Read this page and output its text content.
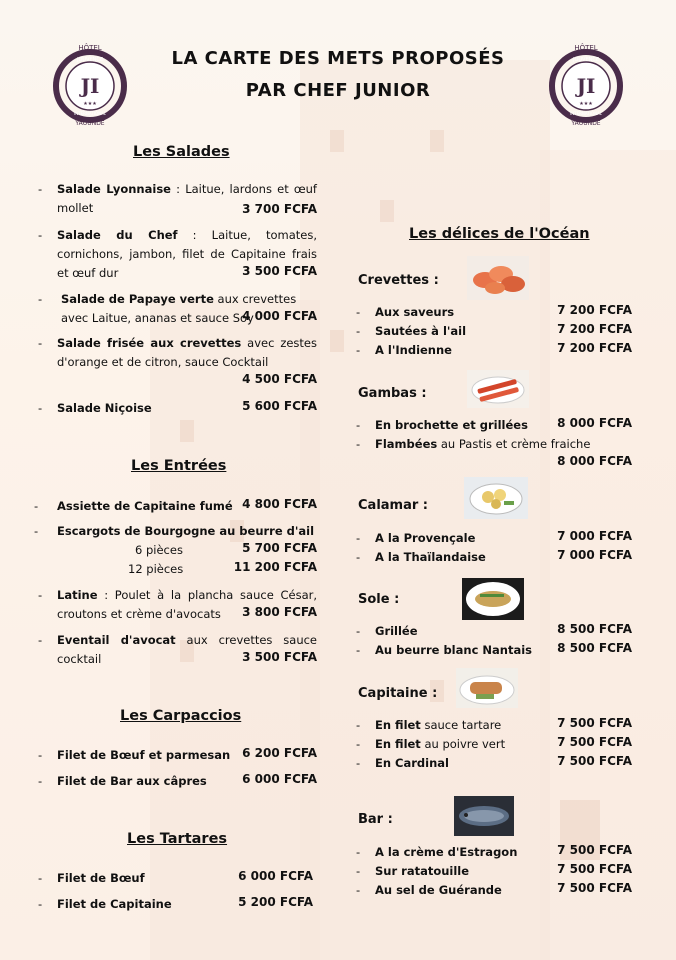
JI
HÔTEL
JOUVENCE
INTERNATIONAL
★★★
YAOUNDÉ
JI
HÔTEL
JOUVENCE
INTERNATIONAL
★★★
YAOUNDÉ
LA CARTE DES METS PROPOSÉS
PAR CHEF JUNIOR
Les Salades
- Salade Lyonnaise : Laitue, lardons et œuf mollet	3 700 FCFA
- Salade du Chef : Laitue, tomates, cornichons, jambon, filet de Capitaine frais et œuf dur	3 500 FCFA
- Salade de Papaye verte aux crevettes avec Laitue, ananas et sauce Soy
4 000 FCFA
- Salade frisée aux crevettes avec zestes d'orange et de citron, sauce Cocktail
4 500 FCFA
- Salade Niçoise	5 600 FCFA
Les Entrées
- Assiette de Capitaine fumé 4 800 FCFA
- Escargots de Bourgogne au beurre d'ail
6 pièces	5 700 FCFA
12 pièces	11 200 FCFA
- Latine : Poulet à la plancha sauce César, croutons et crème d'avocats	3 800 FCFA
- Eventail d'avocat aux crevettes sauce cocktail	3 500 FCFA
Les Carpaccios
- Filet de Bœuf et parmesan 6 200 FCFA
- Filet de Bar aux câpres	6 000 FCFA
Les Tartares
- Filet de Bœuf	6 000 FCFA
- Filet de Capitaine	5 200 FCFA
Les délices de l'Océan
Crevettes :
- Aux saveurs	7 200 FCFA
- Sautées à l'ail	7 200 FCFA
- A l'Indienne	7 200 FCFA
Gambas :
- En brochette et grillées	8 000 FCFA
- Flambées au Pastis et crème fraiche
8 000 FCFA
Calamar :
- A la Provençale	7 000 FCFA
- A la Thaïlandaise	7 000 FCFA
Sole :
- Grillée	8 500 FCFA
- Au beurre blanc Nantais	8 500 FCFA
Capitaine :
- En filet sauce tartare	7 500 FCFA
- En filet au poivre vert	7 500 FCFA
- En Cardinal	7 500 FCFA
Bar :
- A la crème d'Estragon	7 500 FCFA
- Sur ratatouille	7 500 FCFA
- Au sel de Guérande	7 500 FCFA
